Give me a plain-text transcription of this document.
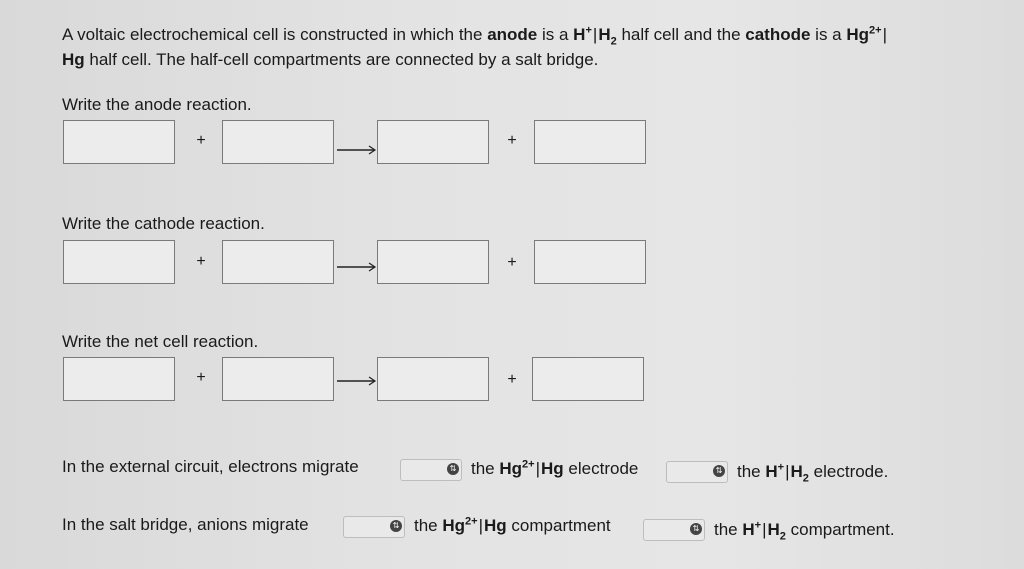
A voltaic electrochemical cell is constructed in which the anode is a $H^+|H_2$ half cell and the cathode is a $Hg^{2+}|$
Hg half cell. The half-cell compartments are connected by a salt bridge.
Write the anode reaction.
+	+
Write the cathode reaction.
+	+
Write the net cell reaction.
+	+
In the external circuit, electrons migrate	⇅ the $Hg^{2+}|Hg$ electrode	⇅ the $H^+|H_2$ electrode.
In the salt bridge, anions migrate	⇅ the $Hg^{2+}|Hg$ compartment	⇅ the $H^+|H_2$ compartment.
